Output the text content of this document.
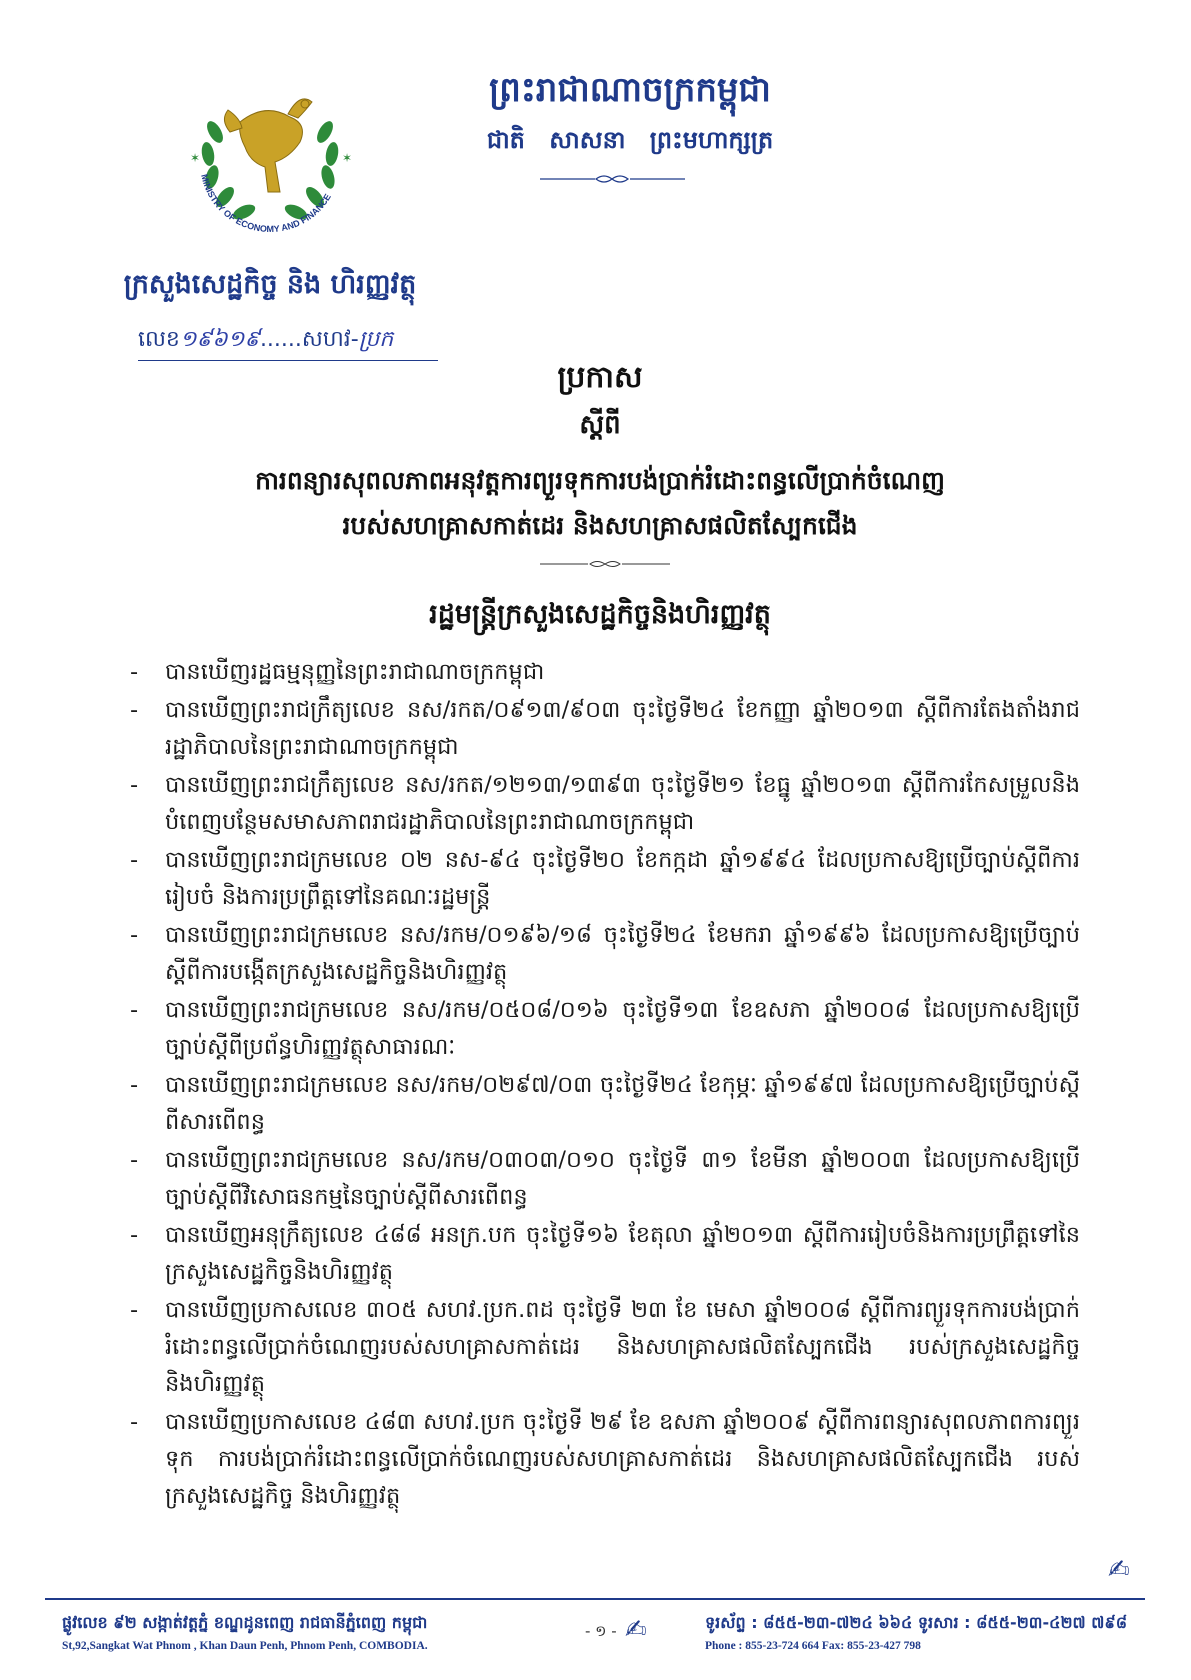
MINISTRY OF ECONOMY AND FINANCE
✶	✶
ក្រសួងសេដ្ឋកិច្ច និង ហិរញ្ញវត្ថុ
លេខ១៩៦១៩......សហវ-ប្រក
ព្រះរាជាណាចក្រកម្ពុជា
ជាតិ សាសនា ព្រះមហាក្សត្រ
ប្រកាស
ស្ដីពី
ការពន្យារសុពលភាពអនុវត្តការព្យួរទុកការបង់ប្រាក់រំដោះពន្ធលើប្រាក់ចំណេញ
របស់សហគ្រាសកាត់ដេរ និងសហគ្រាសផលិតស្បែកជើង
រដ្ឋមន្ត្រីក្រសួងសេដ្ឋកិច្ចនិងហិរញ្ញវត្ថុ
- បានឃើញរដ្ឋធម្មនុញ្ញនៃព្រះរាជាណាចក្រកម្ពុជា
- បានឃើញព្រះរាជក្រឹត្យលេខ នស/រកត/០៩១៣/៩០៣ ចុះថ្ងៃទី២៤ ខែកញ្ញា ឆ្នាំ២០១៣ ស្ដីពីការតែងតាំងរាជរដ្ឋាភិបាលនៃព្រះរាជាណាចក្រកម្ពុជា
- បានឃើញព្រះរាជក្រឹត្យលេខ នស/រកត/១២១៣/១៣៩៣ ចុះថ្ងៃទី២១ ខែធ្នូ ឆ្នាំ២០១៣ ស្ដីពីការកែសម្រួលនិងបំពេញបន្ថែមសមាសភាពរាជរដ្ឋាភិបាលនៃព្រះរាជាណាចក្រកម្ពុជា
- បានឃើញព្រះរាជក្រមលេខ ០២ នស-៩៤ ចុះថ្ងៃទី២០ ខែកក្កដា ឆ្នាំ១៩៩៤ ដែលប្រកាសឱ្យប្រើច្បាប់ស្ដីពីការរៀបចំ និងការប្រព្រឹត្តទៅនៃគណៈរដ្ឋមន្ត្រី
- បានឃើញព្រះរាជក្រមលេខ នស/រកម/០១៩៦/១៨ ចុះថ្ងៃទី២៤ ខែមករា ឆ្នាំ១៩៩៦ ដែលប្រកាសឱ្យប្រើច្បាប់ស្ដីពីការបង្កើតក្រសួងសេដ្ឋកិច្ចនិងហិរញ្ញវត្ថុ
- បានឃើញព្រះរាជក្រមលេខ នស/រកម/០៥០៨/០១៦ ចុះថ្ងៃទី១៣ ខែឧសភា ឆ្នាំ២០០៨ ដែលប្រកាសឱ្យប្រើច្បាប់ស្ដីពីប្រព័ន្ធហិរញ្ញវត្ថុសាធារណៈ
- បានឃើញព្រះរាជក្រមលេខ នស/រកម/០២៩៧/០៣ ចុះថ្ងៃទី២៤ ខែកុម្ភៈ ឆ្នាំ១៩៩៧ ដែលប្រកាសឱ្យប្រើច្បាប់ស្ដីពីសារពើពន្ធ
- បានឃើញព្រះរាជក្រមលេខ នស/រកម/០៣០៣/០១០ ចុះថ្ងៃទី ៣១ ខែមីនា ឆ្នាំ២០០៣ ដែលប្រកាសឱ្យប្រើច្បាប់ស្ដីពីវិសោធនកម្មនៃច្បាប់ស្ដីពីសារពើពន្ធ
- បានឃើញអនុក្រឹត្យលេខ ៤៨៨ អនក្រ.បក ចុះថ្ងៃទី១៦ ខែតុលា ឆ្នាំ២០១៣ ស្ដីពីការរៀបចំនិងការប្រព្រឹត្តទៅនៃក្រសួងសេដ្ឋកិច្ចនិងហិរញ្ញវត្ថុ
- បានឃើញប្រកាសលេខ ៣០៥ សហវ.ប្រក.ពដ ចុះថ្ងៃទី ២៣ ខែ មេសា ឆ្នាំ២០០៨ ស្ដីពីការព្យួរទុកការបង់ប្រាក់រំដោះពន្ធលើប្រាក់ចំណេញរបស់សហគ្រាសកាត់ដេរ និងសហគ្រាសផលិតស្បែកជើង របស់ក្រសួងសេដ្ឋកិច្ច និងហិរញ្ញវត្ថុ
- បានឃើញប្រកាសលេខ ៤៨៣ សហវ.ប្រក ចុះថ្ងៃទី ២៩ ខែ ឧសភា ឆ្នាំ២០០៩ ស្ដីពីការពន្យារសុពលភាពការព្យួរទុក ការបង់ប្រាក់រំដោះពន្ធលើប្រាក់ចំណេញរបស់សហគ្រាសកាត់ដេរ និងសហគ្រាសផលិតស្បែកជើង របស់ក្រសួងសេដ្ឋកិច្ច និងហិរញ្ញវត្ថុ
✍
ផ្លូវលេខ ៩២ សង្កាត់វត្តភ្នំ ខណ្ឌដូនពេញ រាជធានីភ្នំពេញ កម្ពុជា
St,92,Sangkat Wat Phnom , Khan Daun Penh, Phnom Penh, COMBODIA.
- ១ - ✍	ទូរស័ព្ទ : ៨៥៥-២៣-៧២៤ ៦៦៤ ទូរសារ : ៨៥៥-២៣-៤២៧ ៧៩៨
Phone : 855-23-724 664 Fax: 855-23-427 798
